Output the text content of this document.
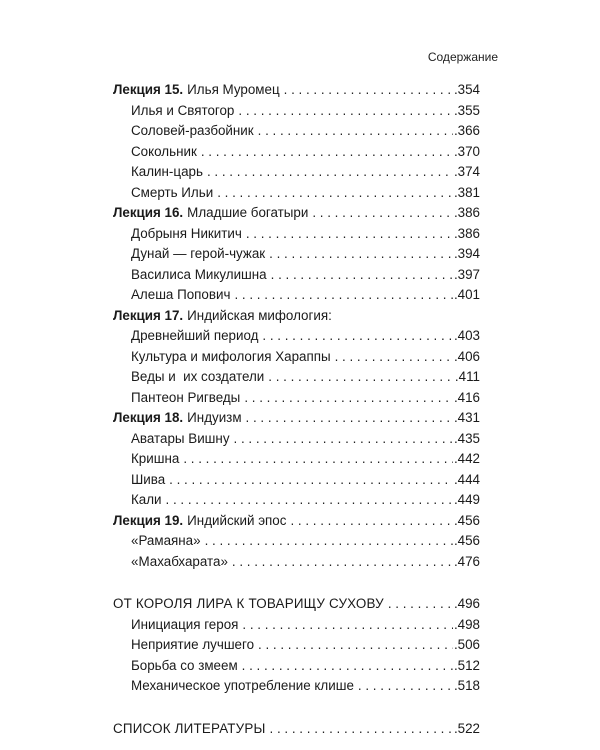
Содержание
Лекция 15. Илья Муромец . . .	.354
Илья и Святогор . . .	.355
Соловей-разбойник . . .	.366
Сокольник . . .	.370
Калин-царь . . .	.374
Смерть Ильи . . .	.381
Лекция 16. Младшие богатыри . . .	.386
Добрыня Никитич . . .	.386
Дунай — герой-чужак . . .	.394
Василиса Микулишна . . .	.397
Алеша Попович . . .	.401
Лекция 17. Индийская мифология:
Древнейший период . . .	.403
Культура и мифология Хараппы . . .	.406
Веды и  их создатели . . .	.411
Пантеон Ригведы . . .	.416
Лекция 18. Индуизм . . .	.431
Аватары Вишну . . .	.435
Кришна . . .	.442
Шива . . .	.444
Кали . . .	.449
Лекция 19. Индийский эпос . . .	.456
«Рамаяна» . . .	.456
«Махабхарата» . . .	.476
ОТ КОРОЛЯ ЛИРА К ТОВАРИЩУ СУХОВУ . . .	.496
Инициация героя . . .	.498
Неприятие лучшего . . .	.506
Борьба со змеем . . .	.512
Механическое употребление клише . . .	.518
СПИСОК ЛИТЕРАТУРЫ . . .	.522
